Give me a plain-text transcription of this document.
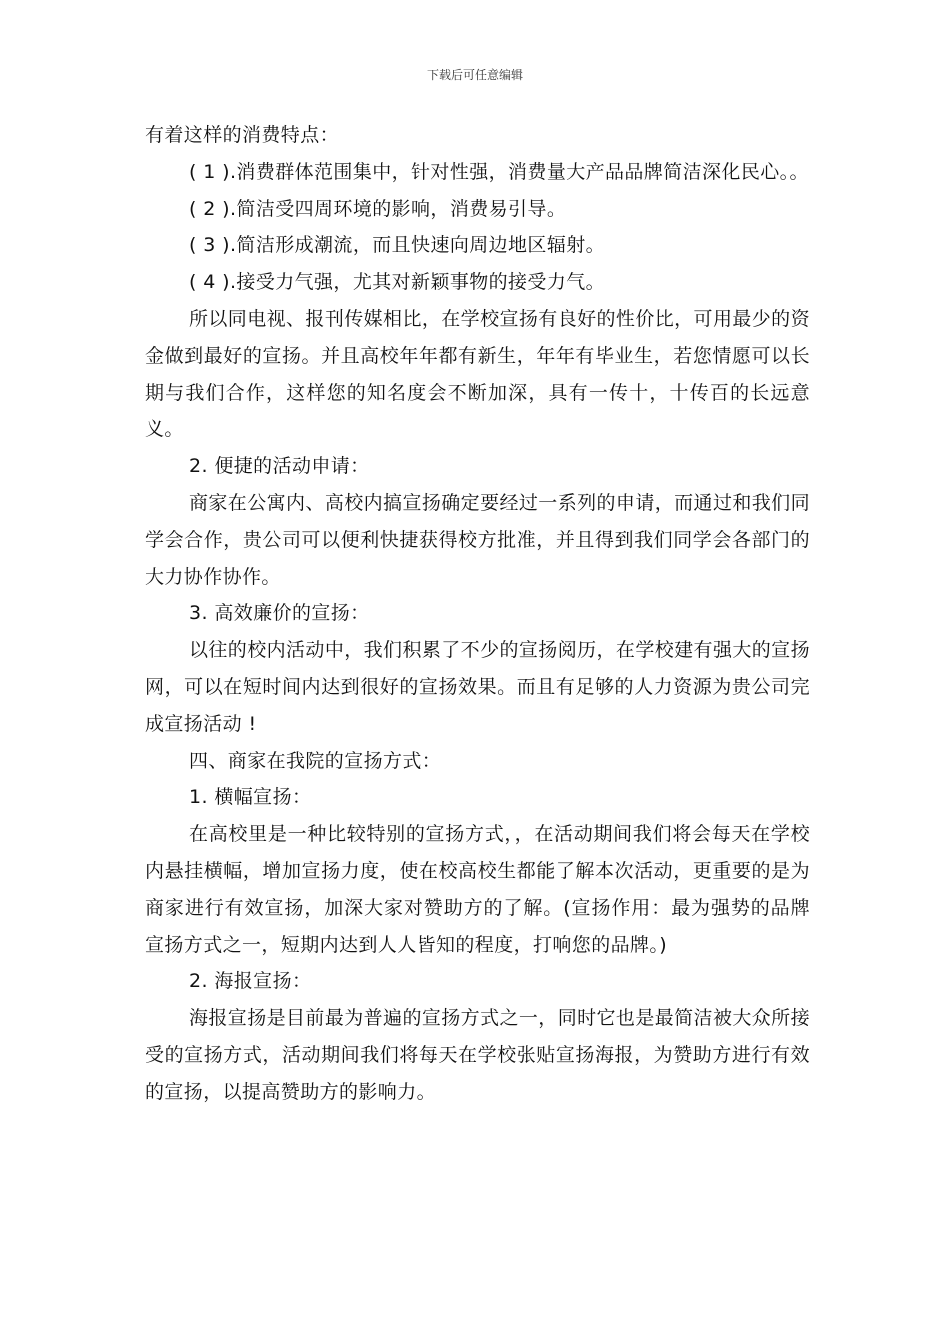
下载后可任意编辑

有着这样的消费特点：

( 1 ).消费群体范围集中，针对性强，消费量大产品品牌简洁深化民心。。

( 2 ).简洁受四周环境的影响，消费易引导。

( 3 ).简洁形成潮流，而且快速向周边地区辐射。

( 4 ).接受力气强，尤其对新颖事物的接受力气。

所以同电视、报刊传媒相比，在学校宣扬有良好的性价比，可用最少的资金做到最好的宣扬。并且高校年年都有新生，年年有毕业生，若您情愿可以长期与我们合作，这样您的知名度会不断加深，具有一传十，十传百的长远意义。

2. 便捷的活动申请：

商家在公寓内、高校内搞宣扬确定要经过一系列的申请，而通过和我们同学会合作，贵公司可以便利快捷获得校方批准，并且得到我们同学会各部门的大力协作协作。

3. 高效廉价的宣扬：

以往的校内活动中，我们积累了不少的宣扬阅历，在学校建有强大的宣扬网，可以在短时间内达到很好的宣扬效果。而且有足够的人力资源为贵公司完成宣扬活动 !

四、商家在我院的宣扬方式：

1. 横幅宣扬：

在高校里是一种比较特别的宣扬方式，，在活动期间我们将会每天在学校内悬挂横幅，增加宣扬力度，使在校高校生都能了解本次活动，更重要的是为商家进行有效宣扬，加深大家对赞助方的了解。(宣扬作用：最为强势的品牌宣扬方式之一，短期内达到人人皆知的程度，打响您的品牌。)

2. 海报宣扬：

海报宣扬是目前最为普遍的宣扬方式之一，同时它也是最简洁被大众所接受的宣扬方式，活动期间我们将每天在学校张贴宣扬海报，为赞助方进行有效的宣扬，以提高赞助方的影响力。
